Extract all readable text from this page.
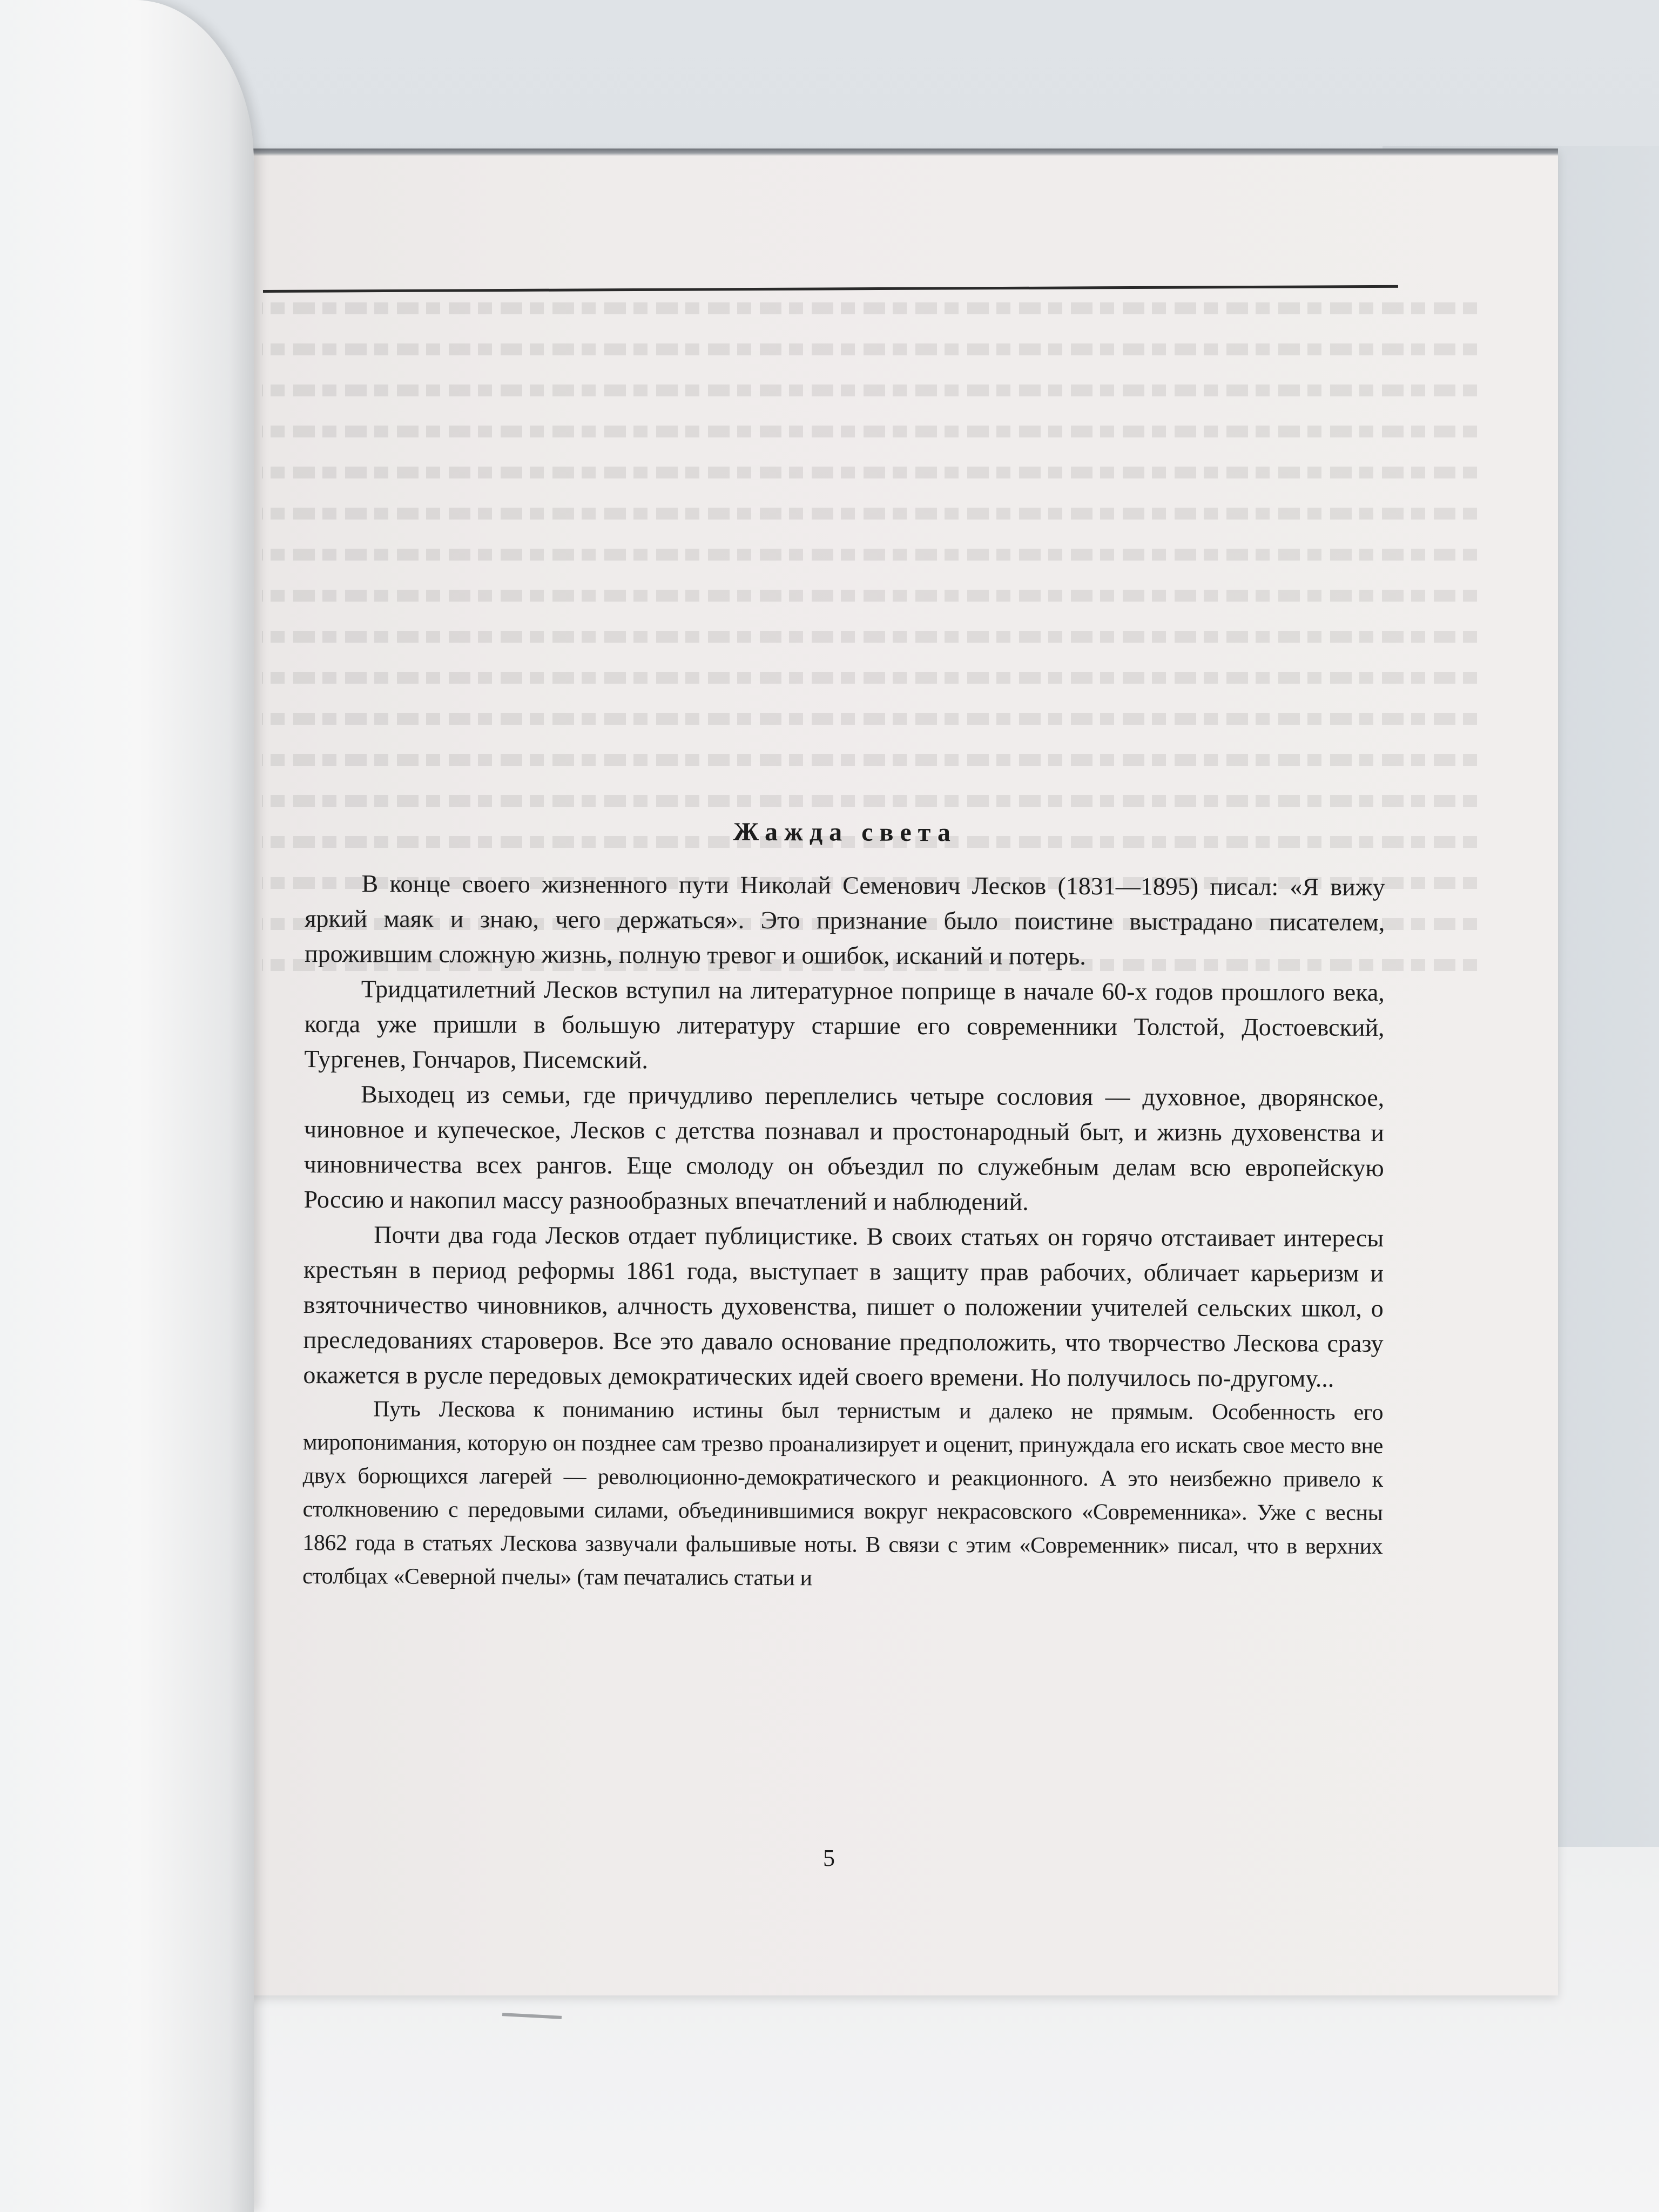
Жажда света

В конце своего жизненного пути Николай Семенович Лесков (1831—1895) писал: «Я вижу яркий маяк и знаю, чего держаться». Это признание было поистине выстрадано писателем, прожившим сложную жизнь, полную тревог и ошибок, исканий и потерь.

Тридцатилетний Лесков вступил на литературное поприще в начале 60-х годов прошлого века, когда уже пришли в большую литературу старшие его современники Толстой, Достоевский, Тургенев, Гончаров, Писемский.

Выходец из семьи, где причудливо переплелись четыре сословия — духовное, дворянское, чиновное и купеческое, Лесков с детства познавал и простонародный быт, и жизнь духовенства и чиновничества всех рангов. Еще смолоду он объездил по служебным делам всю европейскую Россию и накопил массу разнообразных впечатлений и наблюдений.

Почти два года Лесков отдает публицистике. В своих статьях он горячо отстаивает интересы крестьян в период реформы 1861 года, выступает в защиту прав рабочих, обличает карьеризм и взяточничество чиновников, алчность духовенства, пишет о положении учителей сельских школ, о преследованиях староверов. Все это давало основание предположить, что творчество Лескова сразу окажется в русле передовых демократических идей своего времени. Но получилось по-другому...

Путь Лескова к пониманию истины был тернистым и далеко не прямым. Особенность его миропонимания, которую он позднее сам трезво проанализирует и оценит, принуждала его искать свое место вне двух борющихся лагерей — революционно-демократического и реакционного. А это неизбежно привело к столкновению с передовыми силами, объединившимися вокруг некрасовского «Современника». Уже с весны 1862 года в статьях Лескова зазвучали фальшивые ноты. В связи с этим «Современник» писал, что в верхних столбцах «Северной пчелы» (там печатались статьи и

5
